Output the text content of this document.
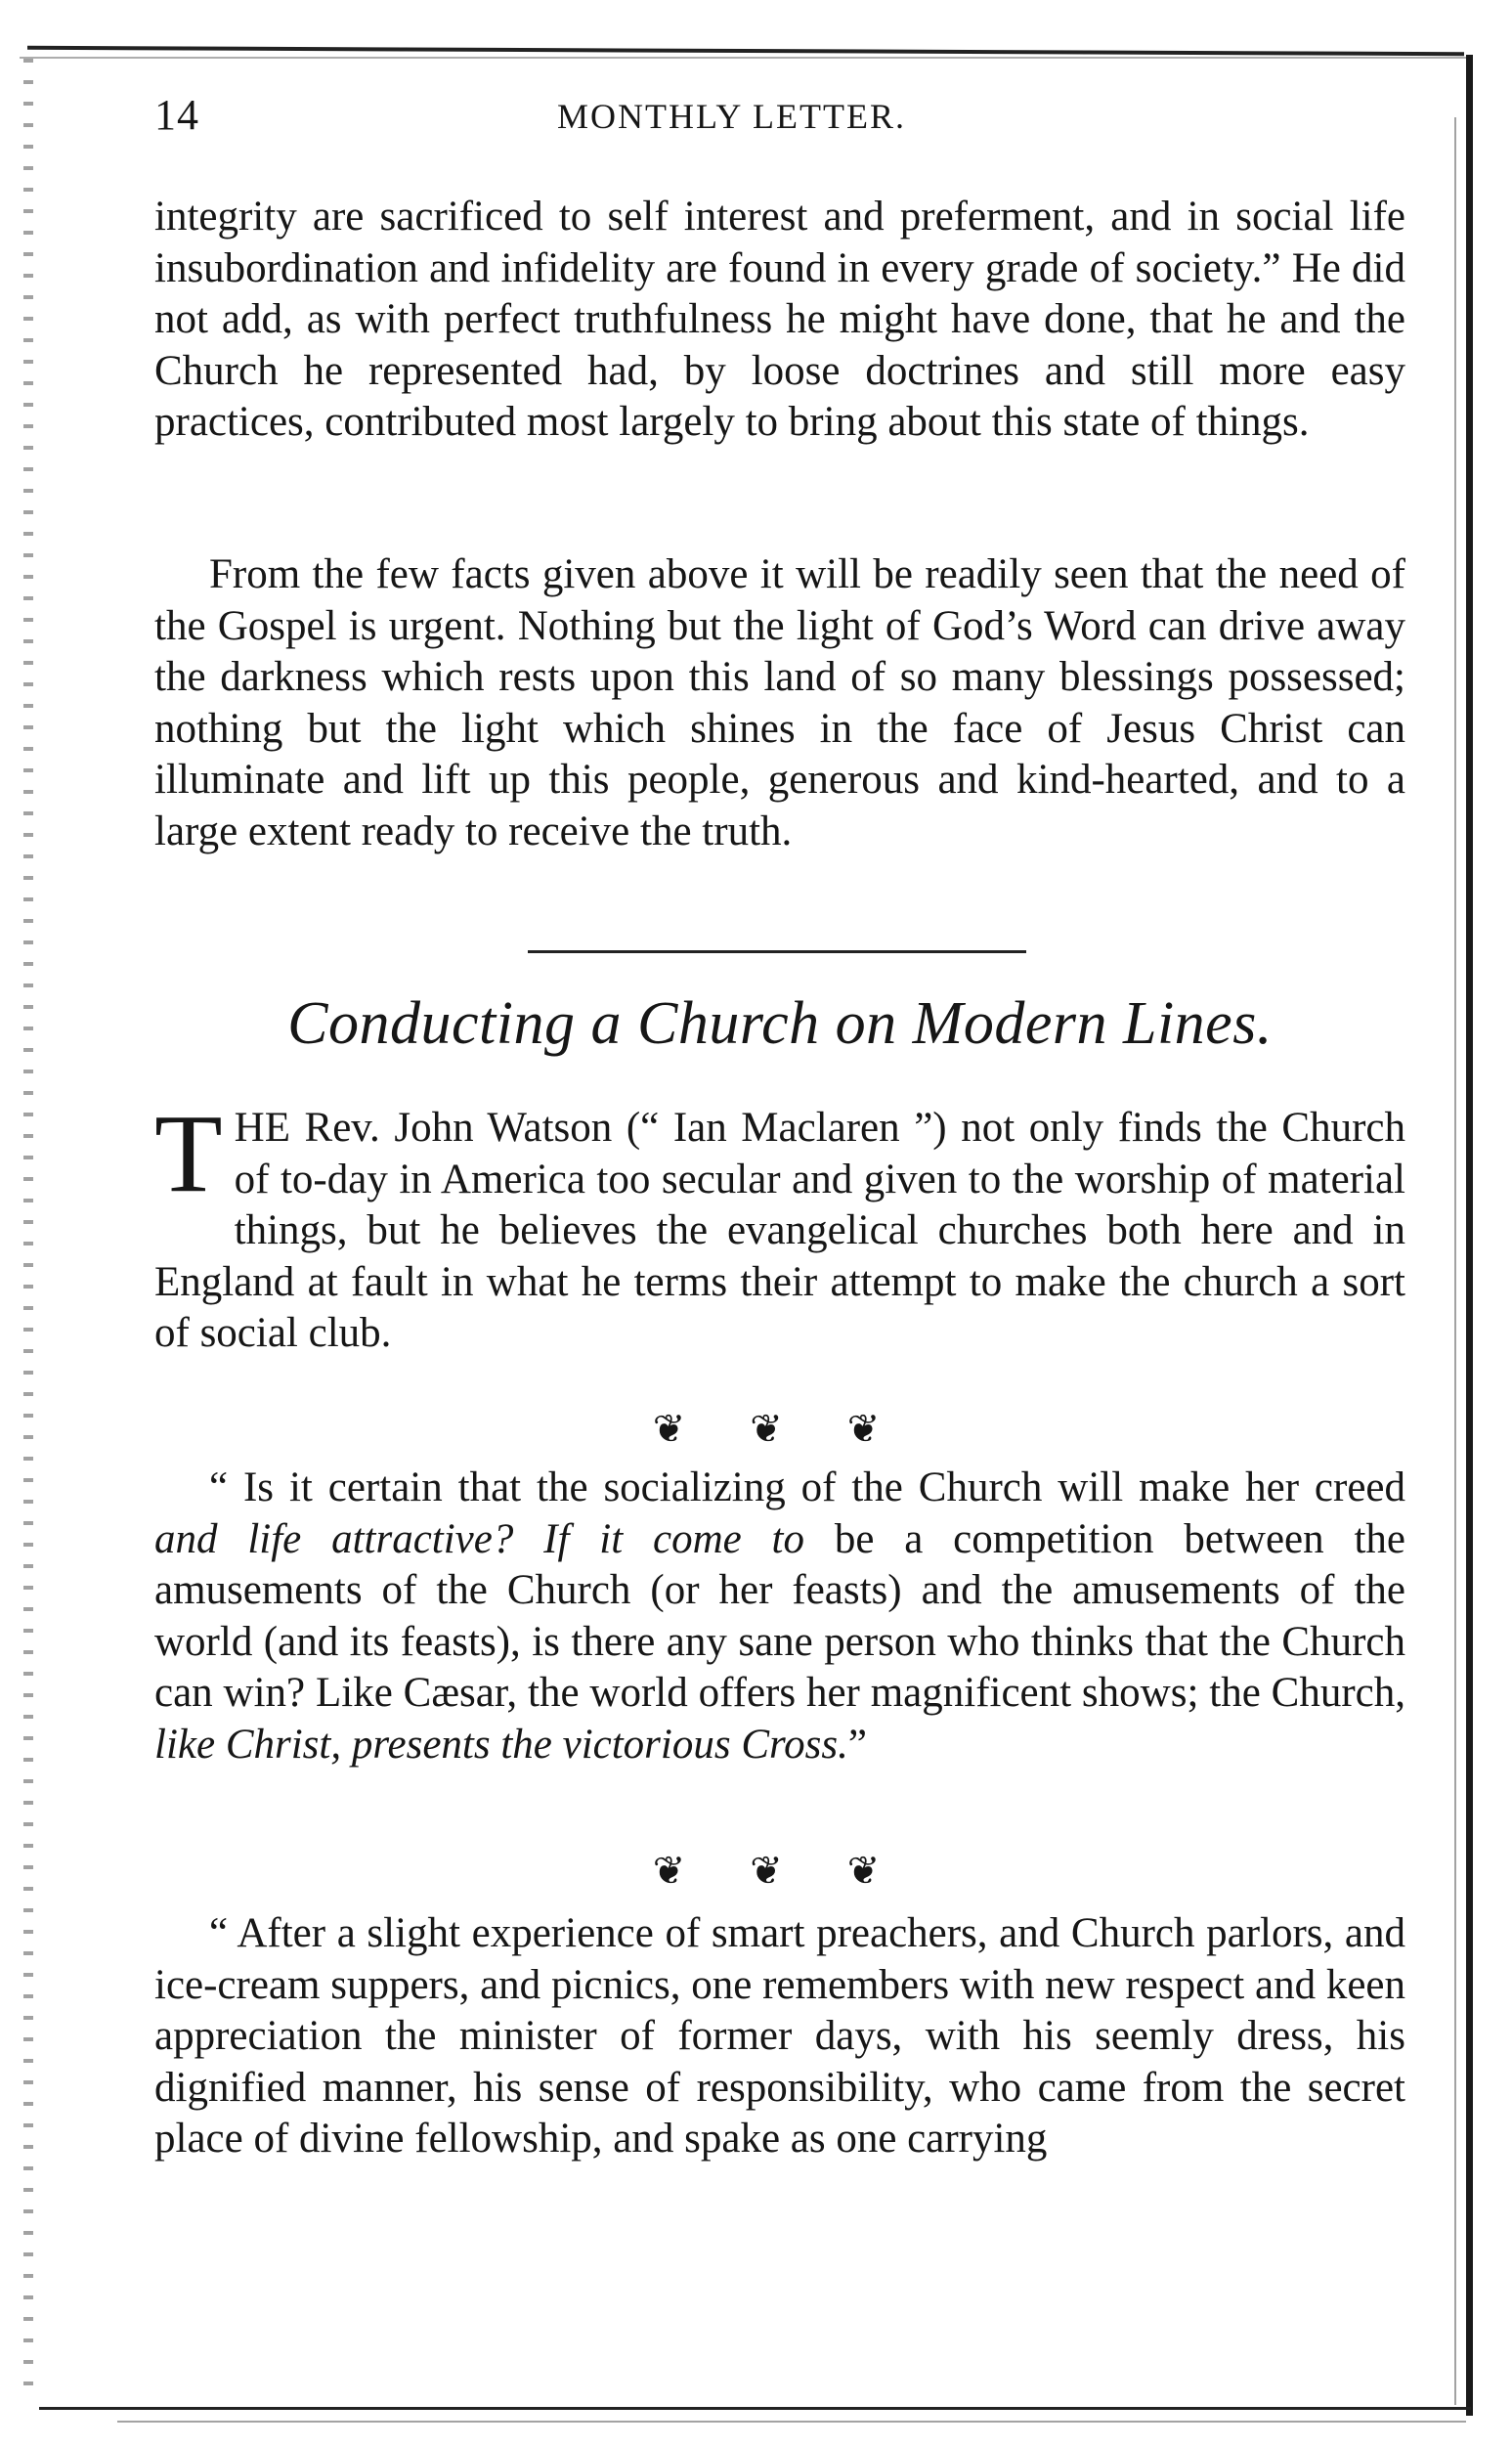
14	MONTHLY LETTER.

integrity are sacrificed to self interest and preferment, and in social life insubordination and infidelity are found in every grade of society.” He did not add, as with perfect truthfulness he might have done, that he and the Church he represented had, by loose doctrines and still more easy practices, contributed most largely to bring about this state of things.

From the few facts given above it will be readily seen that the need of the Gospel is urgent. Nothing but the light of God’s Word can drive away the darkness which rests upon this land of so many blessings possessed; nothing but the light which shines in the face of Jesus Christ can illuminate and lift up this people, generous and kind-hearted, and to a large extent ready to receive the truth.

Conducting a Church on Modern Lines.

THE Rev. John Watson (“ Ian Maclaren ”) not only finds the Church of to-day in America too secular and given to the worship of material things, but he believes the evangelical churches both here and in England at fault in what he terms their attempt to make the church a sort of social club.

❦ ❦ ❦

“ Is it certain that the socializing of the Church will make her creed and life attractive? If it come to be a competition between the amusements of the Church (or her feasts) and the amusements of the world (and its feasts), is there any sane person who thinks that the Church can win? Like Cæsar, the world offers her magnificent shows; the Church, like Christ, presents the victorious Cross.”

❦ ❦ ❦

“ After a slight experience of smart preachers, and Church parlors, and ice-cream suppers, and picnics, one remembers with new respect and keen appreciation the minister of former days, with his seemly dress, his dignified manner, his sense of responsibility, who came from the secret place of divine fellowship, and spake as one carrying
